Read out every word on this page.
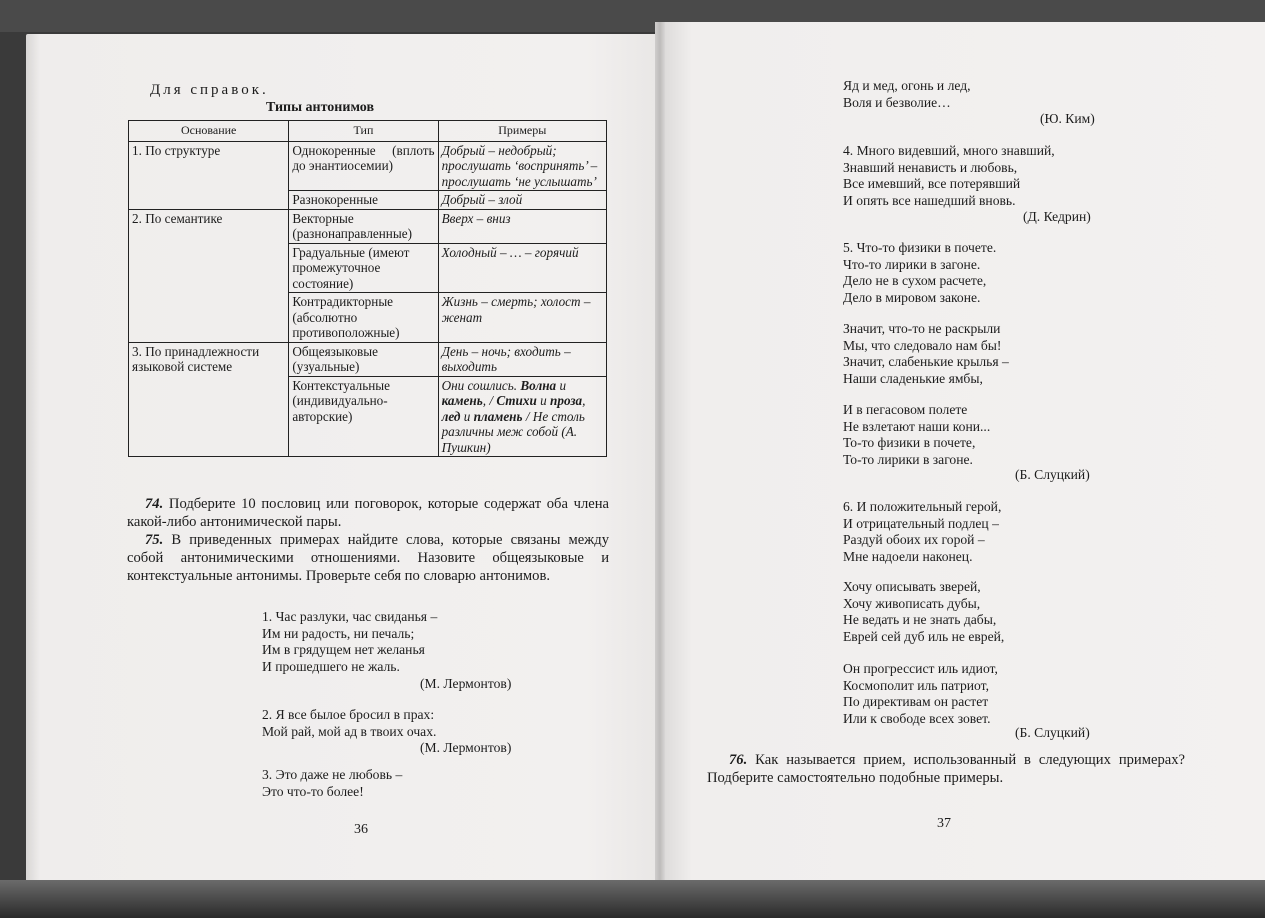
Для справок.
Типы антонимов
Основание	Тип	Примеры
1. По структуре	Однокоренные (вплоть до энантиосемии)	Добрый – недобрый; прослушать ‘воспринять’ – прослушать ‘не услышать’
	Разнокоренные	Добрый – злой
2. По семантике	Векторные (разнонаправленные)	Вверх – вниз
	Градуальные (имеют промежуточное состояние)	Холодный – … – горячий
	Контрадикторные (абсолютно противоположные)	Жизнь – смерть; холост – женат
3. По принадлежности языковой системе	Общеязыковые (узуальные)	День – ночь; входить – выходить
	Контекстуальные (индивидуально-авторские)	Они сошлись. Волна и камень, / Стихи и проза, лед и пламень / Не столь различны меж собой (А. Пушкин)
74. Подберите 10 пословиц или поговорок, которые содержат оба члена какой-либо антонимической пары.
75. В приведенных примерах найдите слова, которые связаны между собой антонимическими отношениями. Назовите общеязыковые и контекстуальные антонимы. Проверьте себя по словарю антонимов.
1. Час разлуки, час свиданья –
Им ни радость, ни печаль;
Им в грядущем нет желанья
И прошедшего не жаль.
(М. Лермонтов)
2. Я все былое бросил в прах:
Мой рай, мой ад в твоих очах.
(М. Лермонтов)
3. Это даже не любовь –
Это что-то более!
36
Яд и мед, огонь и лед,
Воля и безволие…
(Ю. Ким)
4. Много видевший, много знавший,
Знавший ненависть и любовь,
Все имевший, все потерявший
И опять все нашедший вновь.
(Д. Кедрин)
5. Что-то физики в почете.
Что-то лирики в загоне.
Дело не в сухом расчете,
Дело в мировом законе.
Значит, что-то не раскрыли
Мы, что следовало нам бы!
Значит, слабенькие крылья –
Наши сладенькие ямбы,
И в пегасовом полете
Не взлетают наши кони...
То-то физики в почете,
То-то лирики в загоне.
(Б. Слуцкий)
6. И положительный герой,
И отрицательный подлец –
Раздуй обоих их горой –
Мне надоели наконец.
Хочу описывать зверей,
Хочу живописать дубы,
Не ведать и не знать дабы,
Еврей сей дуб иль не еврей,
Он прогрессист иль идиот,
Космополит иль патриот,
По директивам он растет
Или к свободе всех зовет.
(Б. Слуцкий)
76. Как называется прием, использованный в следующих примерах? Подберите самостоятельно подобные примеры.
37
